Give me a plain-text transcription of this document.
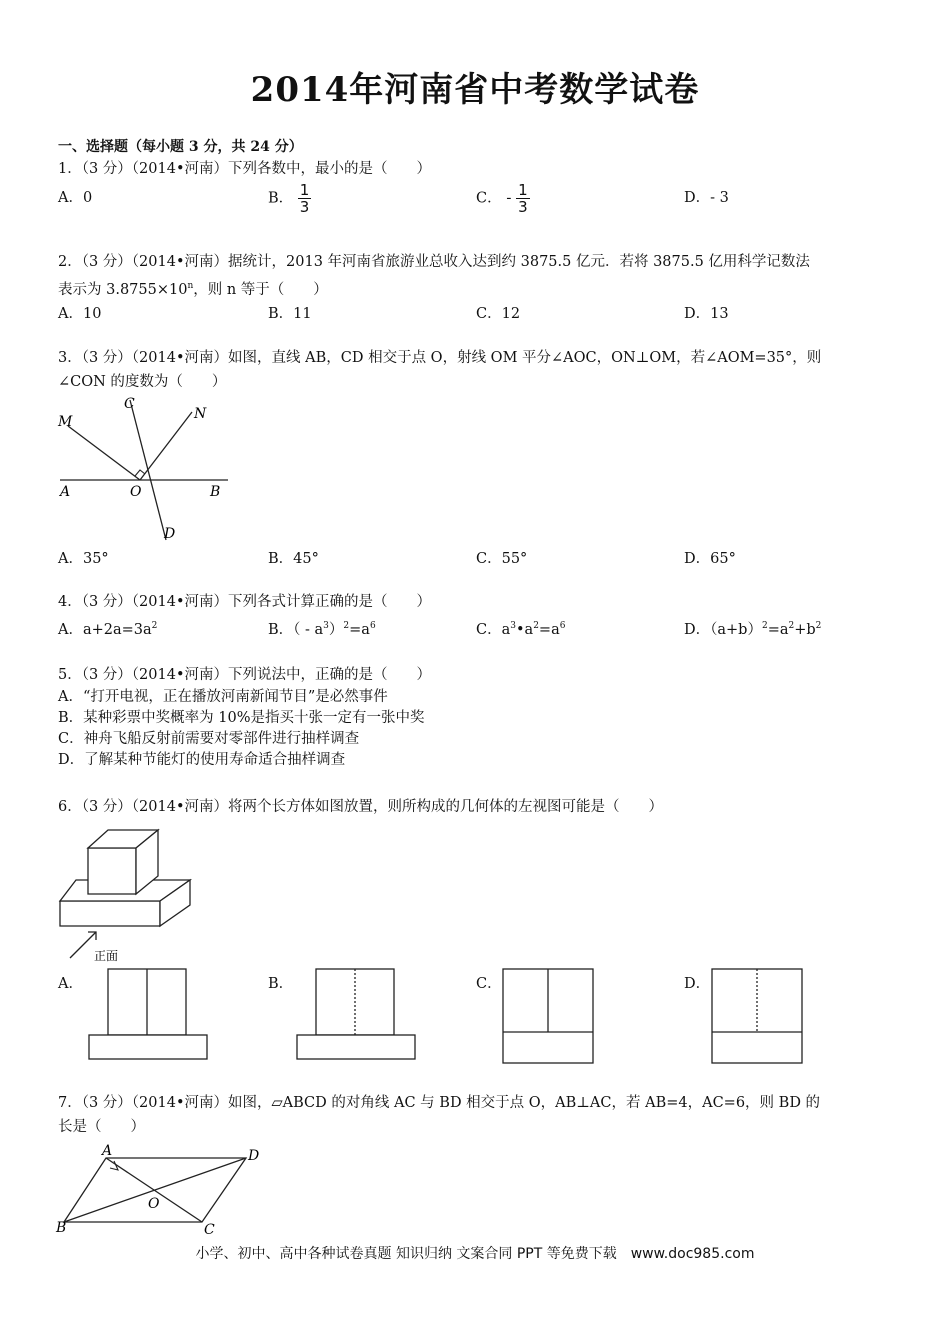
2014年河南省中考数学试卷
一、选择题（每小题 3 分，共 24 分）
1．（3 分）（2014•河南）下列各数中，最小的是（　　）
A．0	B． $\frac{1}{3}$	C． - $\frac{1}{3}$	D．- 3
2．（3 分）（2014•河南）据统计，2013 年河南省旅游业总收入达到约 3875.5 亿元．若将 3875.5 亿用科学记数法
表示为 $3.8755\times 10^n$，则 n 等于（　　）
A．10	B．11	C．12	D．13
3．（3 分）（2014•河南）如图，直线 AB，CD 相交于点 O，射线 OM 平分∠AOC，ON⊥OM，若∠AOM=35°，则
∠CON 的度数为（　　）
M
C
N
A	O	B
D
A．35°	B．45°	C．55°	D．65°
4．（3 分）（2014•河南）下列各式计算正确的是（　　）
A．$a+2a=3a^2$	B．（ - $a^3)^2=a^6$	C．$a^3•a^2=a^6$	D．$(a+b)^2=a^2+b^2$
5．（3 分）（2014•河南）下列说法中，正确的是（　　）
A．“打开电视，正在播放河南新闻节目”是必然事件
B．某种彩票中奖概率为 10%是指买十张一定有一张中奖
C．神舟飞船反射前需要对零部件进行抽样调查
D．了解某种节能灯的使用寿命适合抽样调查
6．（3 分）（2014•河南）将两个长方体如图放置，则所构成的几何体的左视图可能是（　　）
正面
A．	B．	C．	D．
7．（3 分）（2014•河南）如图，▱ABCD 的对角线 AC 与 BD 相交于点 O，AB⊥AC，若 AB=4，AC=6，则 BD 的
长是（　　）
A	D
B	C
O
小学、初中、高中各种试卷真题 知识归纳 文案合同 PPT 等免费下载　www.doc985.com
